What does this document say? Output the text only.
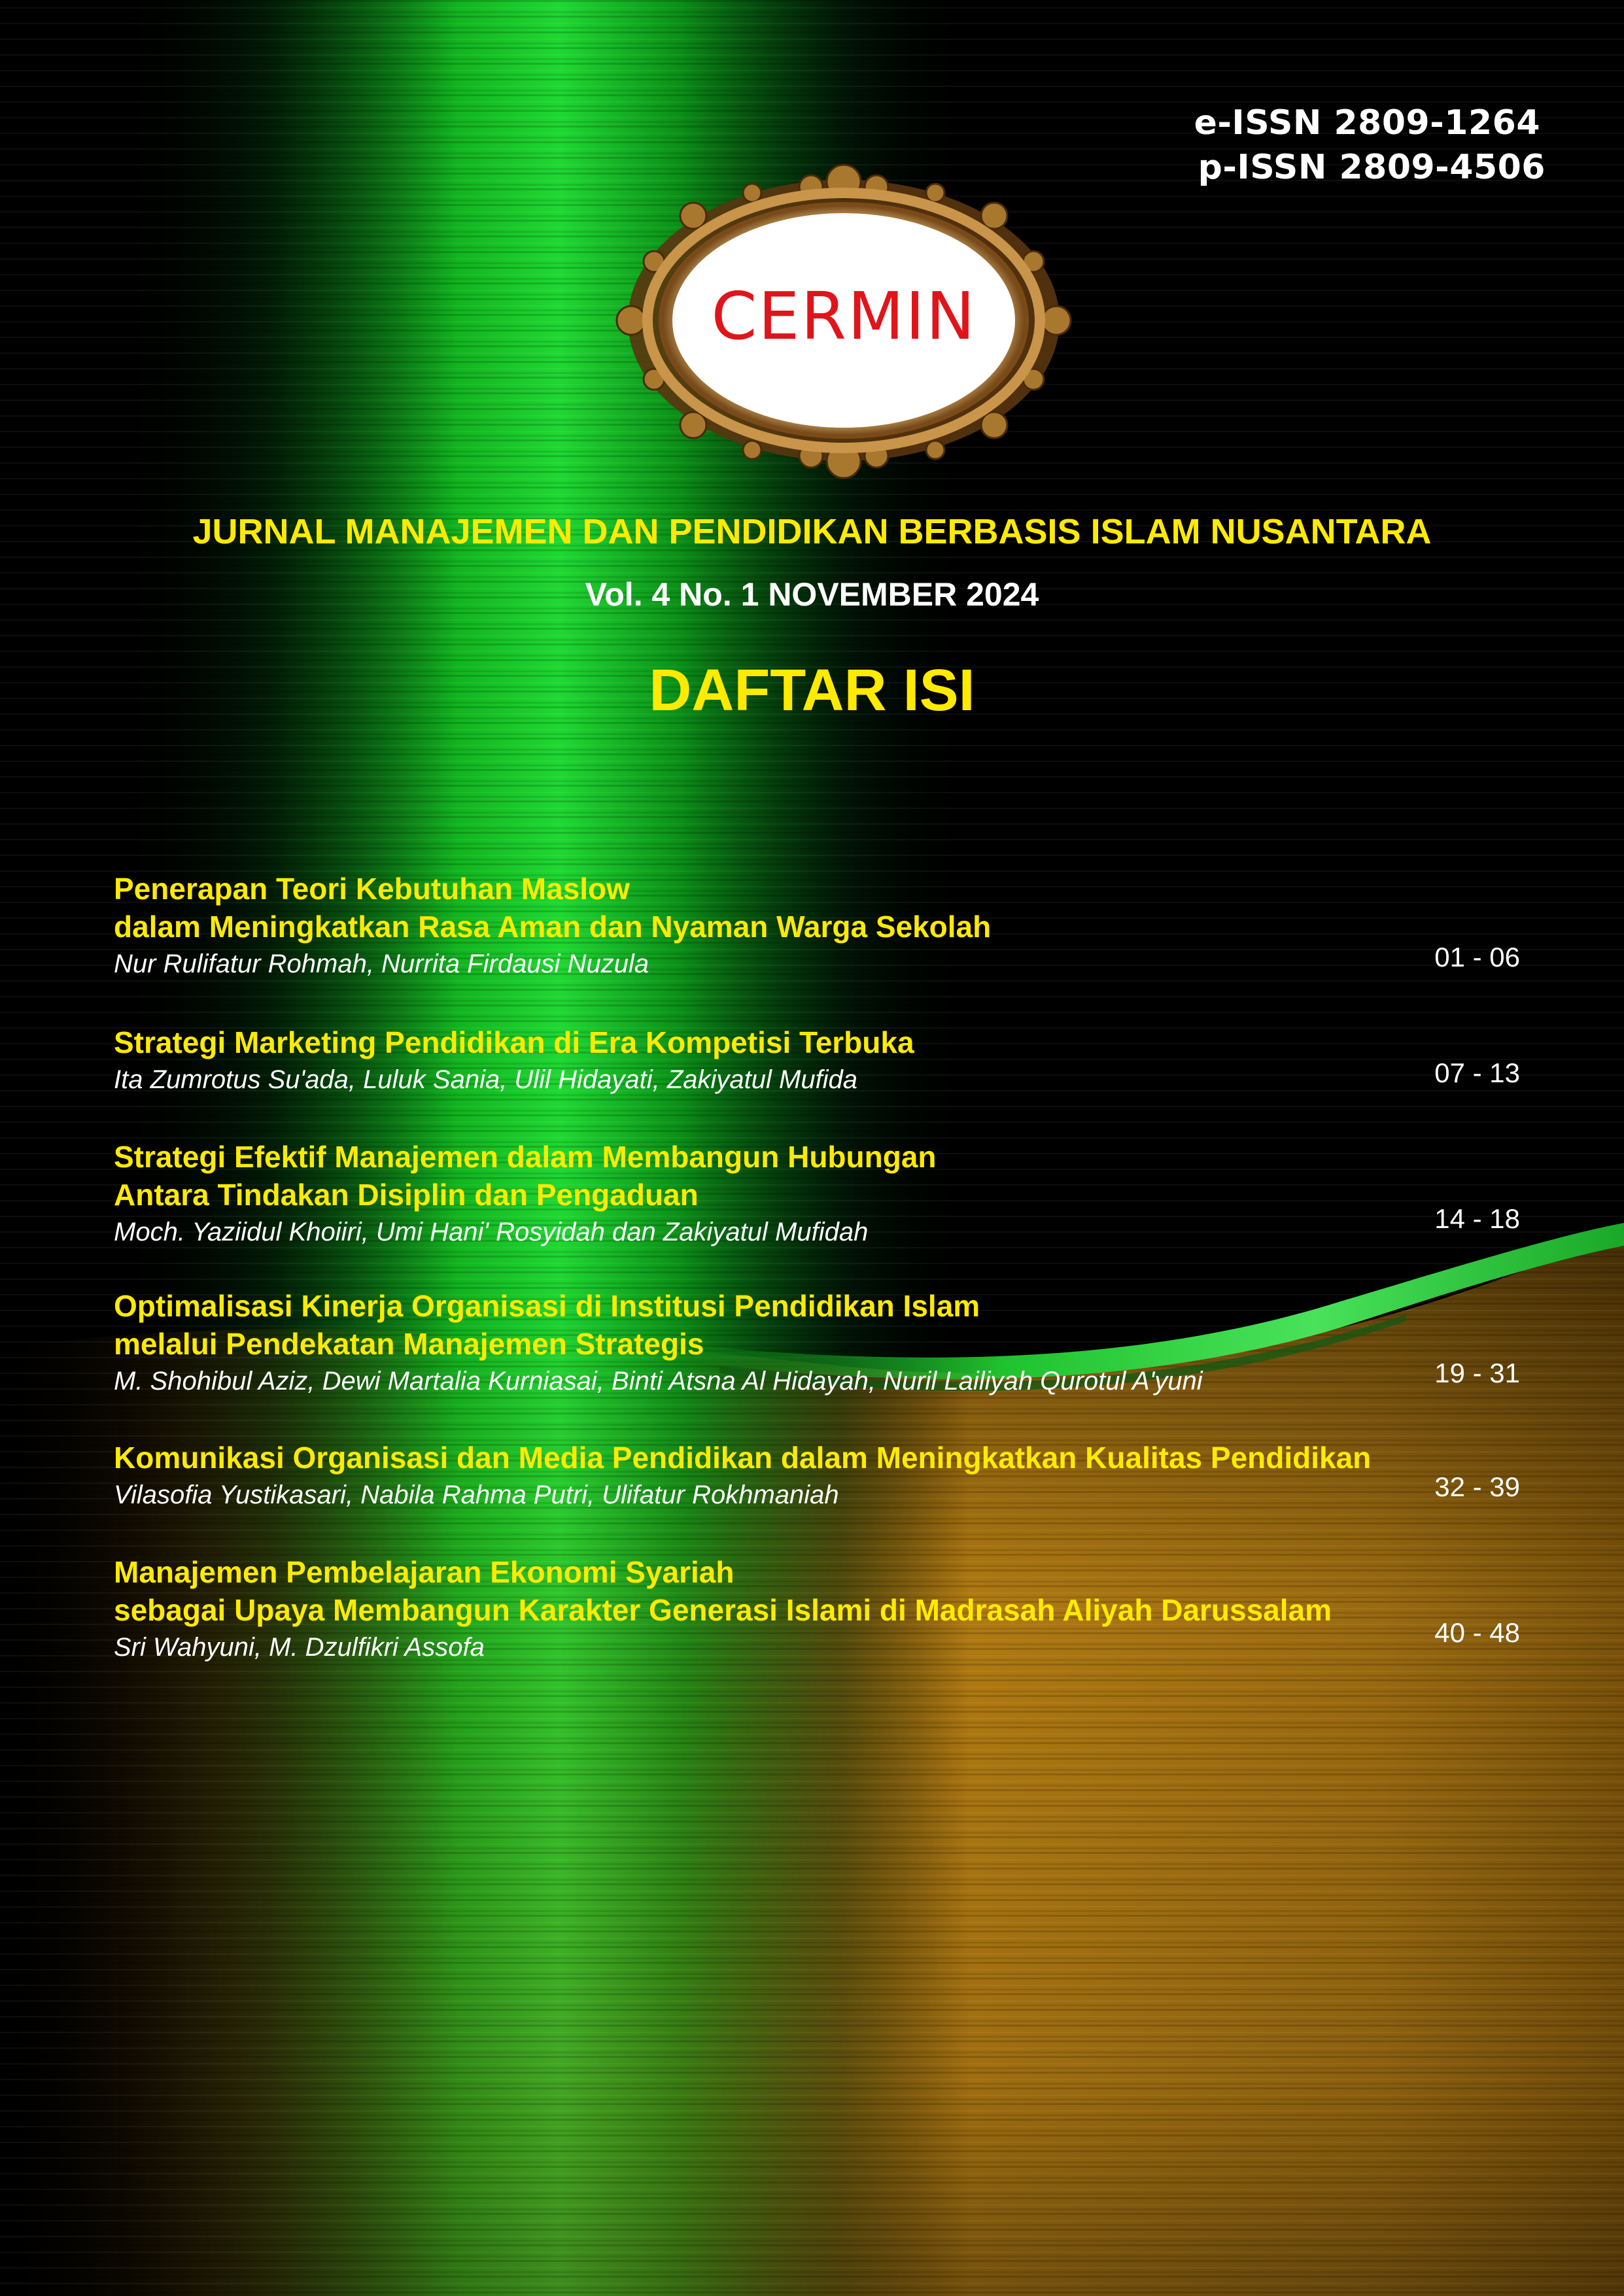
e-ISSN 2809-1264
p-ISSN 2809-4506
CERMIN
JURNAL MANAJEMEN DAN PENDIDIKAN BERBASIS ISLAM NUSANTARA
Vol. 4 No. 1 NOVEMBER 2024
DAFTAR ISI
Penerapan Teori Kebutuhan Maslow
dalam Meningkatkan Rasa Aman dan Nyaman Warga Sekolah
Nur Rulifatur Rohmah, Nurrita Firdausi Nuzula	01 - 06
Strategi Marketing Pendidikan di Era Kompetisi Terbuka
Ita Zumrotus Su'ada, Luluk Sania, Ulil Hidayati, Zakiyatul Mufida	07 - 13
Strategi Efektif Manajemen dalam Membangun Hubungan
Antara Tindakan Disiplin dan Pengaduan
Moch. Yaziidul Khoiiri, Umi Hani' Rosyidah dan Zakiyatul Mufidah	14 - 18
Optimalisasi Kinerja Organisasi di Institusi Pendidikan Islam
melalui Pendekatan Manajemen Strategis
M. Shohibul Aziz, Dewi Martalia Kurniasai, Binti Atsna Al Hidayah, Nuril Lailiyah Qurotul A'yuni	19 - 31
Komunikasi Organisasi dan Media Pendidikan dalam Meningkatkan Kualitas Pendidikan
Vilasofia Yustikasari, Nabila Rahma Putri, Ulifatur Rokhmaniah	32 - 39
Manajemen Pembelajaran Ekonomi Syariah
sebagai Upaya Membangun Karakter Generasi Islami di Madrasah Aliyah Darussalam
Sri Wahyuni, M. Dzulfikri Assofa	40 - 48
